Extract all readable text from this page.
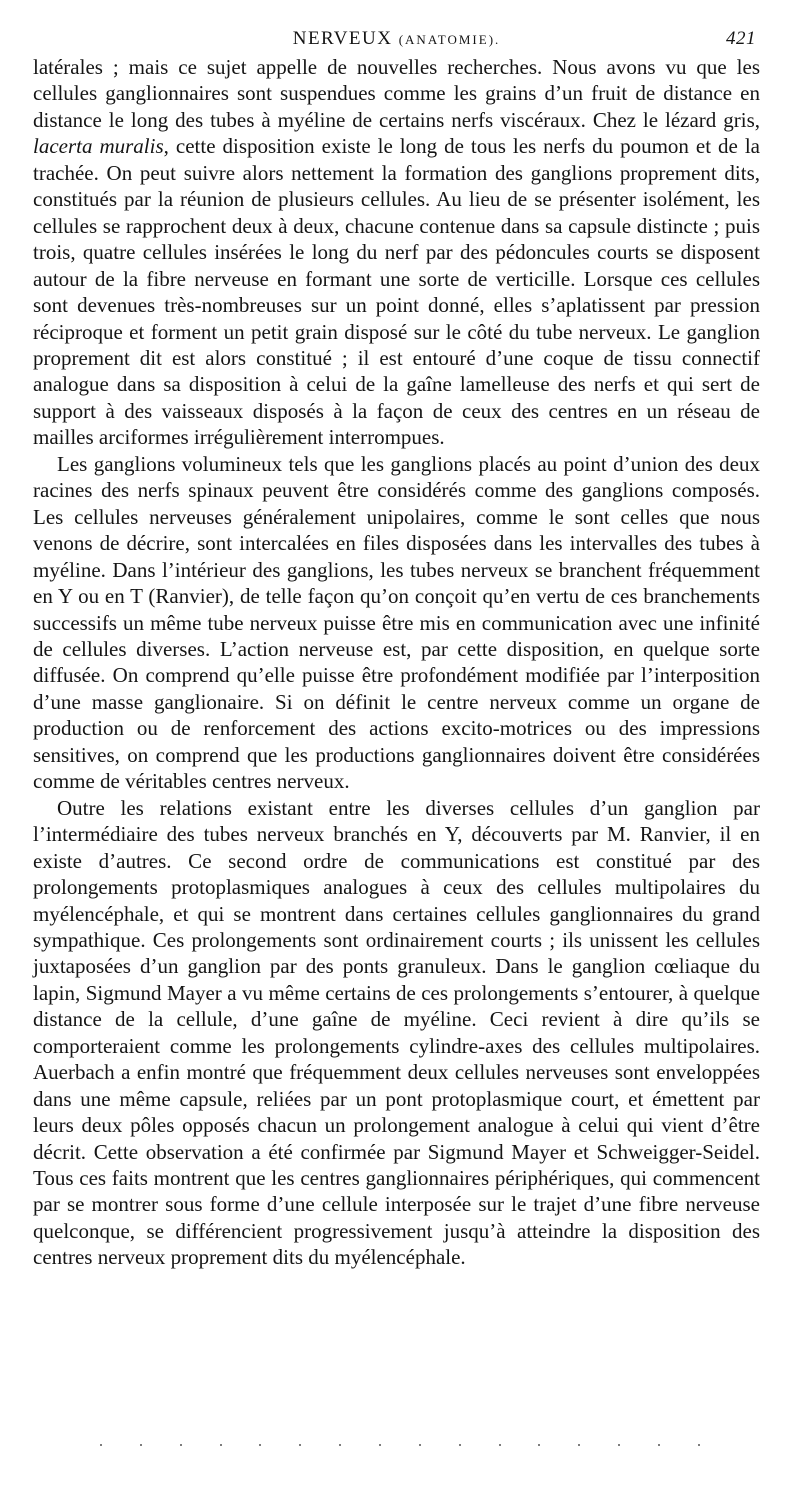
NERVEUX (ANATOMIE).	421

latérales ; mais ce sujet appelle de nouvelles recherches. Nous avons vu que les cellules ganglionnaires sont suspendues comme les grains d’un fruit de distance en distance le long des tubes à myéline de certains nerfs viscéraux. Chez le lézard gris, lacerta muralis, cette disposition existe le long de tous les nerfs du poumon et de la trachée. On peut suivre alors nettement la formation des ganglions proprement dits, constitués par la réunion de plusieurs cellules. Au lieu de se présenter isolément, les cellules se rapprochent deux à deux, chacune contenue dans sa capsule distincte ; puis trois, quatre cellules insérées le long du nerf par des pédoncules courts se disposent autour de la fibre nerveuse en formant une sorte de verticille. Lorsque ces cellules sont devenues très-nombreuses sur un point donné, elles s’aplatissent par pression réciproque et forment un petit grain disposé sur le côté du tube nerveux. Le ganglion proprement dit est alors constitué ; il est entouré d’une coque de tissu connectif analogue dans sa disposition à celui de la gaîne lamelleuse des nerfs et qui sert de support à des vaisseaux disposés à la façon de ceux des centres en un réseau de mailles arciformes irrégulièrement interrompues.

Les ganglions volumineux tels que les ganglions placés au point d’union des deux racines des nerfs spinaux peuvent être considérés comme des ganglions composés. Les cellules nerveuses généralement unipolaires, comme le sont celles que nous venons de décrire, sont intercalées en files disposées dans les intervalles des tubes à myéline. Dans l’intérieur des ganglions, les tubes nerveux se branchent fréquemment en Y ou en T (Ranvier), de telle façon qu’on conçoit qu’en vertu de ces branchements successifs un même tube nerveux puisse être mis en communication avec une infinité de cellules diverses. L’action nerveuse est, par cette disposition, en quelque sorte diffusée. On comprend qu’elle puisse être profondément modifiée par l’interposition d’une masse ganglionaire. Si on définit le centre nerveux comme un organe de production ou de renforcement des actions excito-motrices ou des impressions sensitives, on comprend que les productions ganglionnaires doivent être considérées comme de véritables centres nerveux.

Outre les relations existant entre les diverses cellules d’un ganglion par l’intermédiaire des tubes nerveux branchés en Y, découverts par M. Ranvier, il en existe d’autres. Ce second ordre de communications est constitué par des prolongements protoplasmiques analogues à ceux des cellules multipolaires du myélencéphale, et qui se montrent dans certaines cellules ganglionnaires du grand sympathique. Ces prolongements sont ordinairement courts ; ils unissent les cellules juxtaposées d’un ganglion par des ponts granuleux. Dans le ganglion cœliaque du lapin, Sigmund Mayer a vu même certains de ces prolongements s’entourer, à quelque distance de la cellule, d’une gaîne de myéline. Ceci revient à dire qu’ils se comporteraient comme les prolongements cylindre-axes des cellules multipolaires. Auerbach a enfin montré que fréquemment deux cellules nerveuses sont enveloppées dans une même capsule, reliées par un pont protoplasmique court, et émettent par leurs deux pôles opposés chacun un prolongement analogue à celui qui vient d’être décrit. Cette observation a été confirmée par Sigmund Mayer et Schweigger-Seidel. Tous ces faits montrent que les centres ganglionnaires périphériques, qui commencent par se montrer sous forme d’une cellule interposée sur le trajet d’une fibre nerveuse quelconque, se différencient progressivement jusqu’à atteindre la disposition des centres nerveux proprement dits du myélencéphale.
